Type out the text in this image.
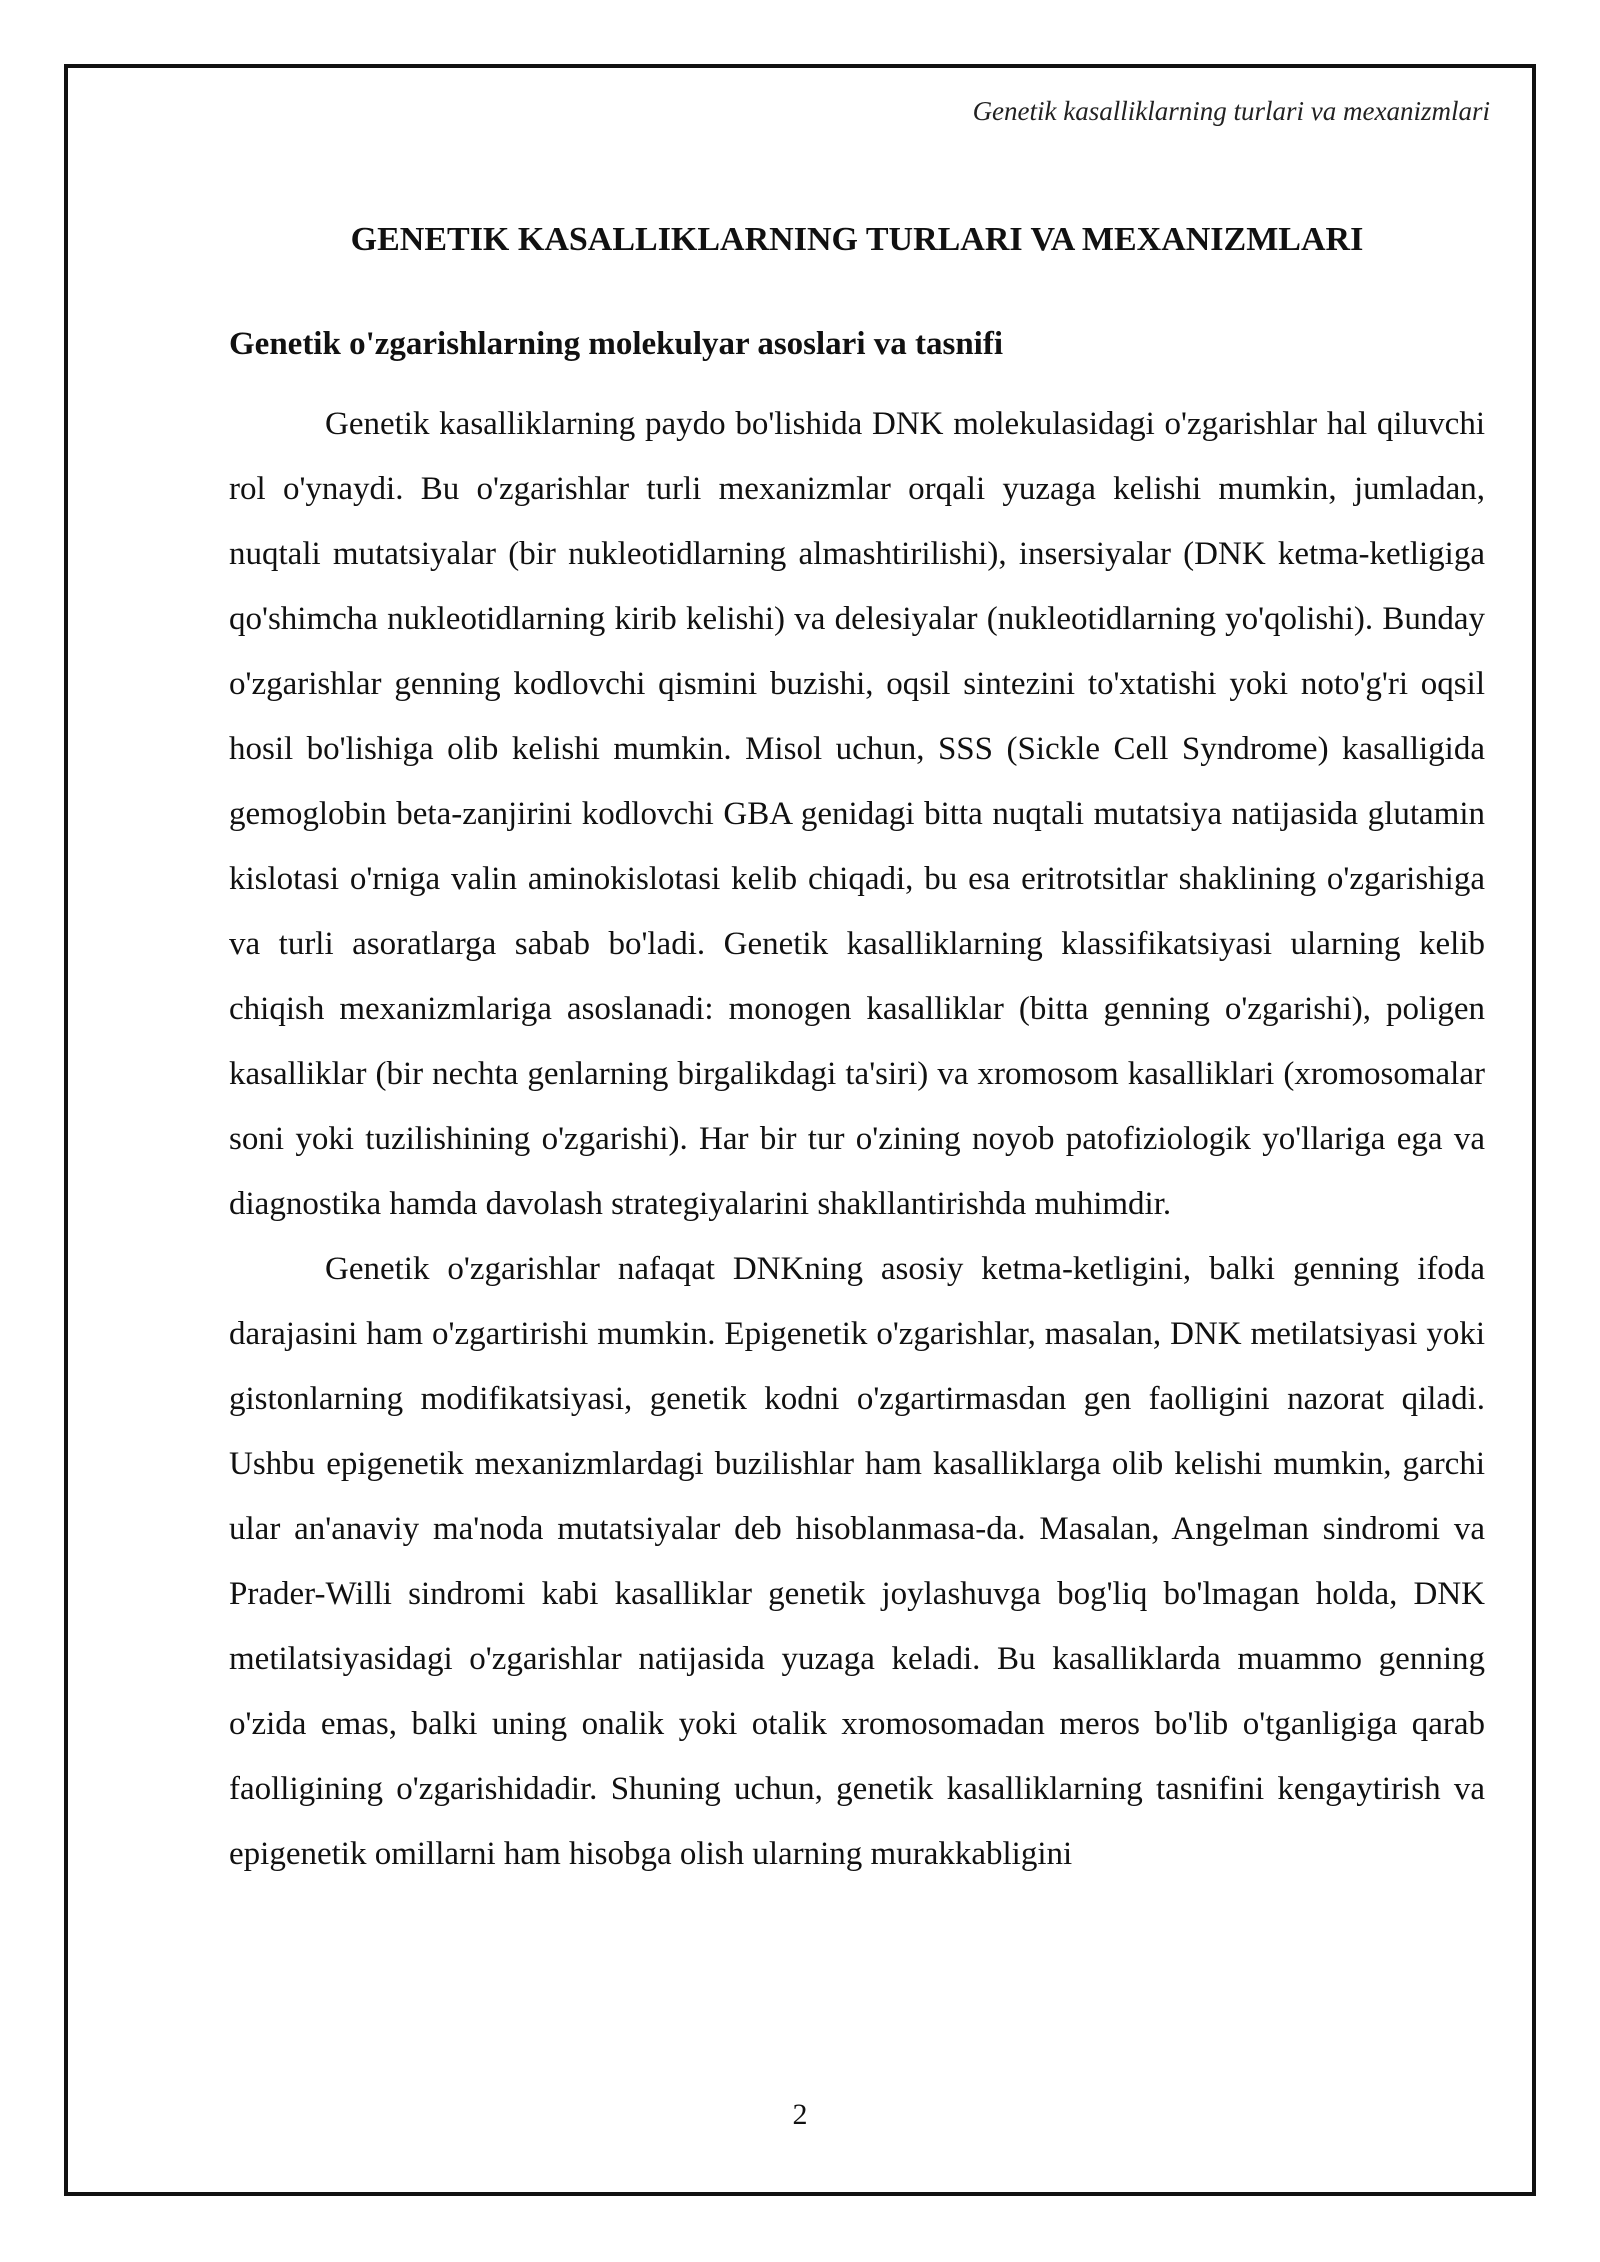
Genetik kasalliklarning turlari va mexanizmlari
GENETIK KASALLIKLARNING TURLARI VA MEXANIZMLARI
Genetik o'zgarishlarning molekulyar asoslari va tasnifi

Genetik kasalliklarning paydo bo'lishida DNK molekulasidagi o'zgarishlar hal qiluvchi rol o'ynaydi. Bu o'zgarishlar turli mexanizmlar orqali yuzaga kelishi mumkin, jumladan, nuqtali mutatsiyalar (bir nukleotidlarning almashtirilishi), insersiyalar (DNK ketma-ketligiga qo'shimcha nukleotidlarning kirib kelishi) va delesiyalar (nukleotidlarning yo'qolishi). Bunday o'zgarishlar genning kodlovchi qismini buzishi, oqsil sintezini to'xtatishi yoki noto'g'ri oqsil hosil bo'lishiga olib kelishi mumkin. Misol uchun, SSS (Sickle Cell Syndrome) kasalligida gemoglobin beta-zanjirini kodlovchi GBA genidagi bitta nuqtali mutatsiya natijasida glutamin kislotasi o'rniga valin aminokislotasi kelib chiqadi, bu esa eritrotsitlar shaklining o'zgarishiga va turli asoratlarga sabab bo'ladi. Genetik kasalliklarning klassifikatsiyasi ularning kelib chiqish mexanizmlariga asoslanadi: monogen kasalliklar (bitta genning o'zgarishi), poligen kasalliklar (bir nechta genlarning birgalikdagi ta'siri) va xromosom kasalliklari (xromosomalar soni yoki tuzilishining o'zgarishi). Har bir tur o'zining noyob patofiziologik yo'llariga ega va diagnostika hamda davolash strategiyalarini shakllantirishda muhimdir.

Genetik o'zgarishlar nafaqat DNKning asosiy ketma-ketligini, balki genning ifoda darajasini ham o'zgartirishi mumkin. Epigenetik o'zgarishlar, masalan, DNK metilatsiyasi yoki gistonlarning modifikatsiyasi, genetik kodni o'zgartirmasdan gen faolligini nazorat qiladi. Ushbu epigenetik mexanizmlardagi buzilishlar ham kasalliklarga olib kelishi mumkin, garchi ular an'anaviy ma'noda mutatsiyalar deb hisoblanmasa-da. Masalan, Angelman sindromi va Prader-Willi sindromi kabi kasalliklar genetik joylashuvga bog'liq bo'lmagan holda, DNK metilatsiyasidagi o'zgarishlar natijasida yuzaga keladi. Bu kasalliklarda muammo genning o'zida emas, balki uning onalik yoki otalik xromosomadan meros bo'lib o'tganligiga qarab faolligining o'zgarishidadir. Shuning uchun, genetik kasalliklarning tasnifini kengaytirish va epigenetik omillarni ham hisobga olish ularning murakkabligini

2
